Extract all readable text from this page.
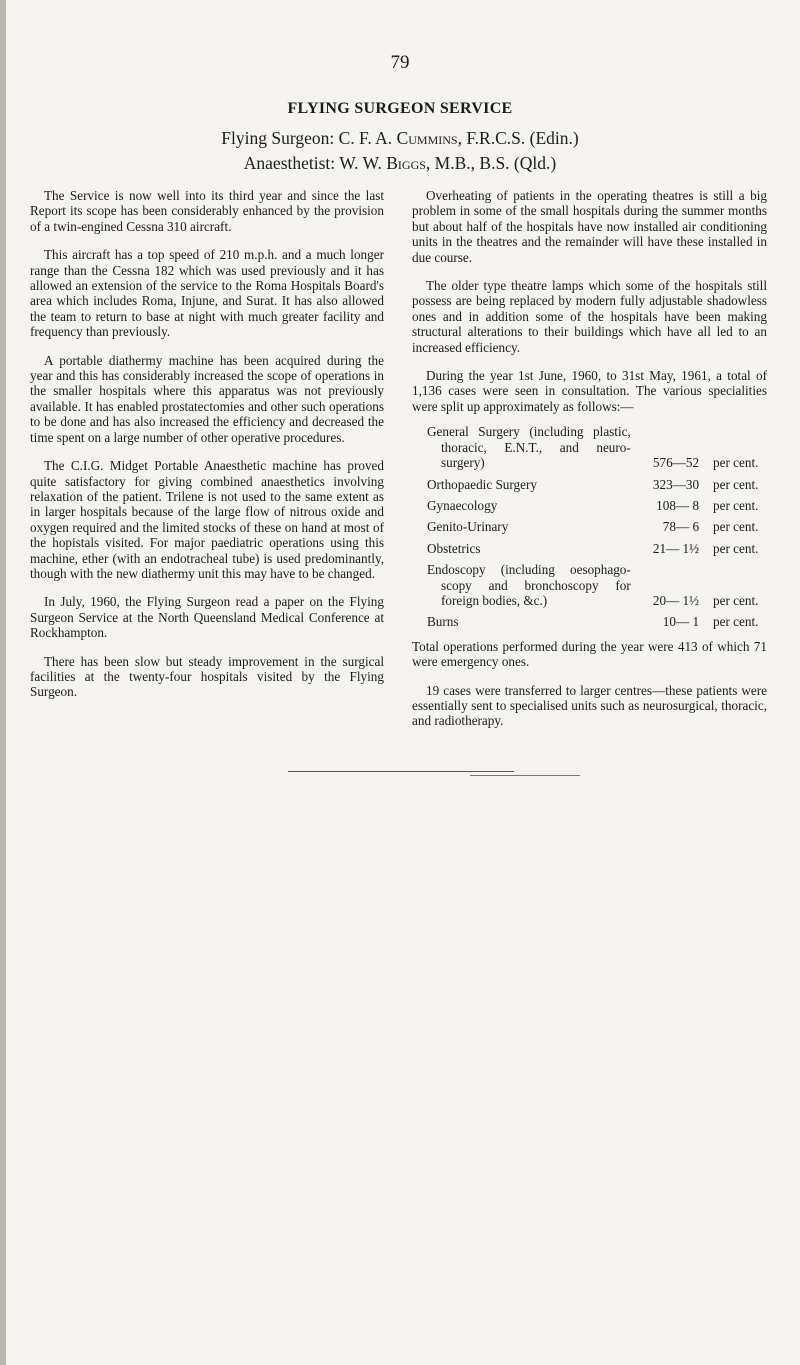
79
FLYING SURGEON SERVICE
Flying Surgeon: C. F. A. Cummins, F.R.C.S. (Edin.)
Anaesthetist: W. W. Biggs, M.B., B.S. (Qld.)

The Service is now well into its third year and since the last Report its scope has been considerably enhanced by the provision of a twin-engined Cessna 310 aircraft.

This aircraft has a top speed of 210 m.p.h. and a much longer range than the Cessna 182 which was used previously and it has allowed an extension of the service to the Roma Hospitals Board's area which includes Roma, Injune, and Surat. It has also allowed the team to return to base at night with much greater facility and frequency than previously.

A portable diathermy machine has been acquired during the year and this has considerably increased the scope of operations in the smaller hospitals where this apparatus was not previously available. It has enabled prostatectomies and other such operations to be done and has also increased the efficiency and decreased the time spent on a large number of other operative procedures.

The C.I.G. Midget Portable Anaesthetic machine has proved quite satisfactory for giving combined anaesthetics involving relaxation of the patient. Trilene is not used to the same extent as in larger hospitals because of the large flow of nitrous oxide and oxygen required and the limited stocks of these on hand at most of the hopistals visited. For major paediatric operations using this machine, ether (with an endotracheal tube) is used predominantly, though with the new diathermy unit this may have to be changed.

In July, 1960, the Flying Surgeon read a paper on the Flying Surgeon Service at the North Queensland Medical Conference at Rockhampton.

There has been slow but steady improvement in the surgical facilities at the twenty-four hospitals visited by the Flying Surgeon.

Overheating of patients in the operating theatres is still a big problem in some of the small hospitals during the summer months but about half of the hospitals have now installed air conditioning units in the theatres and the remainder will have these installed in due course.

The older type theatre lamps which some of the hospitals still possess are being replaced by modern fully adjustable shadowless ones and in addition some of the hospitals have been making structural alterations to their buildings which have all led to an increased efficiency.

During the year 1st June, 1960, to 31st May, 1961, a total of 1,136 cases were seen in consultation. The various specialities were split up approximately as follows:—

General Surgery (including plastic, thoracic, E.N.T., and neuro-surgery)	576—52	per cent.

Orthopaedic Surgery	323—30	per cent.

Gynaecology	108— 8	per cent.

Genito-Urinary	78— 6	per cent.

Obstetrics	21— 1½	per cent.

Endoscopy (including oesophago-scopy and bronchoscopy for foreign bodies, &c.)	20— 1½	per cent.

Burns	10— 1	per cent.

Total operations performed during the year were 413 of which 71 were emergency ones.

19 cases were transferred to larger centres—these patients were essentially sent to specialised units such as neurosurgical, thoracic, and radiotherapy.
